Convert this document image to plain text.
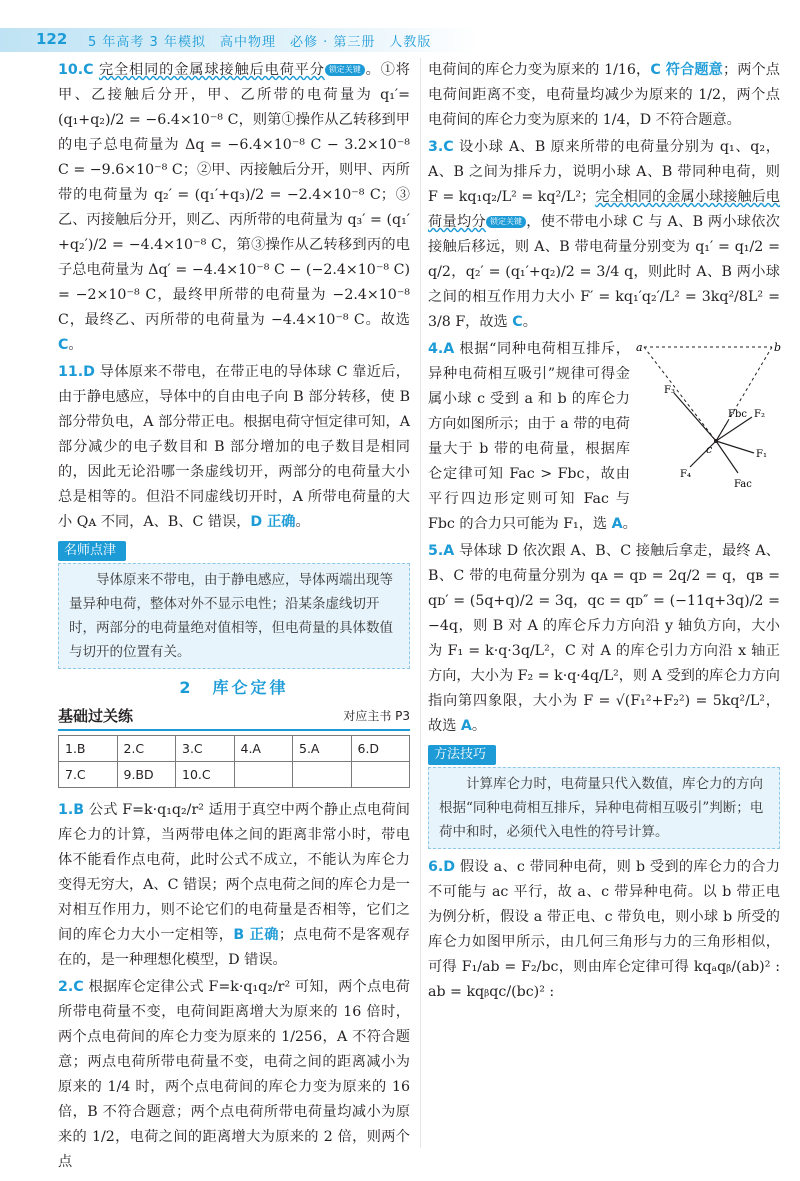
122 5 年高考 3 年模拟　高中物理　必修 · 第三册　人教版

10.C 完全相同的金属球接触后电荷平分 锁定关键 。①将甲、乙接触后分开，甲、乙所带的电荷量为 q₁′= (q₁+q₂)/2 = −6.4×10⁻⁸ C，则第①操作从乙转移到甲的电子总电荷量为 Δq = −6.4×10⁻⁸ C − 3.2×10⁻⁸ C = −9.6×10⁻⁸ C；②甲、丙接触后分开，则甲、丙所带的电荷量为 q₂′ = (q₁′+q₃)/2 = −2.4×10⁻⁸ C；③乙、丙接触后分开，则乙、丙所带的电荷量为 q₃′ = (q₁′+q₂′)/2 = −4.4×10⁻⁸ C，第③操作从乙转移到丙的电子总电荷量为 Δq′ = −4.4×10⁻⁸ C − (−2.4×10⁻⁸ C) = −2×10⁻⁸ C，最终甲所带的电荷量为 −2.4×10⁻⁸ C，最终乙、丙所带的电荷量为 −4.4×10⁻⁸ C。故选 C。

11.D 导体原来不带电，在带正电的导体球 C 靠近后，由于静电感应，导体中的自由电子向 B 部分转移，使 B 部分带负电，A 部分带正电。根据电荷守恒定律可知，A 部分减少的电子数目和 B 部分增加的电子数目是相同的，因此无论沿哪一条虚线切开，两部分的电荷量大小总是相等的。但沿不同虚线切开时，A 所带电荷量的大小 Qᴀ 不同，A、B、C 错误，D 正确。

名师点津
导体原来不带电，由于静电感应，导体两端出现等量异种电荷，整体对外不显示电性；沿某条虚线切开时，两部分的电荷量绝对值相等，但电荷量的具体数值与切开的位置有关。
2　库仑定律
基础过关练	对应主书 P3
1.B	2.C	3.C	4.A	5.A	6.D
7.C	9.BD	10.C			

1.B 公式 F=k·q₁q₂/r² 适用于真空中两个静止点电荷间库仑力的计算，当两带电体之间的距离非常小时，带电体不能看作点电荷，此时公式不成立，不能认为库仑力变得无穷大，A、C 错误；两个点电荷之间的库仑力是一对相互作用力，则不论它们的电荷量是否相等，它们之间的库仑力大小一定相等，B 正确；点电荷不是客观存在的，是一种理想化模型，D 错误。

2.C 根据库仑定律公式 F=k·q₁q₂/r² 可知，两个点电荷所带电荷量不变，电荷间距离增大为原来的 16 倍时，两个点电荷间的库仑力变为原来的 1/256，A 不符合题意；两点电荷所带电荷量不变，电荷之间的距离减小为原来的 1/4 时，两个点电荷间的库仑力变为原来的 16 倍，B 不符合题意；两个点电荷所带电荷量均减小为原来的 1/2，电荷之间的距离增大为原来的 2 倍，则两个点

电荷间的库仑力变为原来的 1/16，C 符合题意；两个点电荷间距离不变，电荷量均减少为原来的 1/2，两个点电荷间的库仑力变为原来的 1/4，D 不符合题意。

3.C 设小球 A、B 原来所带的电荷量分别为 q₁、q₂，A、B 之间为排斥力，说明小球 A、B 带同种电荷，则 F = kq₁q₂/L² = kq²/L²；完全相同的金属小球接触后电荷量均分 锁定关键 ，使不带电小球 C 与 A、B 两小球依次接触后移远，则 A、B 带电荷量分别变为 q₁′ = q₁/2 = q/2，q₂′ = (q₁′+q₂)/2 = 3/4 q，则此时 A、B 两小球之间的相互作用力大小 F′ = kq₁′q₂′/L² = 3kq²/8L² = 3/8 F，故选 C。

a	b
c	F₁
F₂
F₃
F₄
Fac
Fbc

4.A 根据“同种电荷相互排斥，异种电荷相互吸引”规律可得金属小球 c 受到 a 和 b 的库仑力方向如图所示；由于 a 带的电荷量大于 b 带的电荷量，根据库仑定律可知 Fac > Fbc，故由平行四边形定则可知 Fac 与 Fbc 的合力只可能为 F₁，选 A。

5.A 导体球 D 依次跟 A、B、C 接触后拿走，最终 A、B、C 带的电荷量分别为 qᴀ = qᴅ = 2q/2 = q，qʙ = qᴅ′ = (5q+q)/2 = 3q，qᴄ = qᴅ″ = (−11q+3q)/2 = −4q，则 B 对 A 的库仑斥力方向沿 y 轴负方向，大小为 F₁ = k·q·3q/L²，C 对 A 的库仑引力方向沿 x 轴正方向，大小为 F₂ = k·q·4q/L²，则 A 受到的库仑力方向指向第四象限，大小为 F = √(F₁²+F₂²) = 5kq²/L²，故选 A。

方法技巧
计算库仑力时，电荷量只代入数值，库仑力的方向根据“同种电荷相互排斥，异种电荷相互吸引”判断；电荷中和时，必须代入电性的符号计算。

6.D 假设 a、c 带同种电荷，则 b 受到的库仑力的合力不可能与 ac 平行，故 a、c 带异种电荷。以 b 带正电为例分析，假设 a 带正电、c 带负电，则小球 b 所受的库仑力如图甲所示，由几何三角形与力的三角形相似，可得 F₁/ab = F₂/bc，则由库仑定律可得 kqₐqᵦ/(ab)² : ab = kqᵦqc/(bc)² :
